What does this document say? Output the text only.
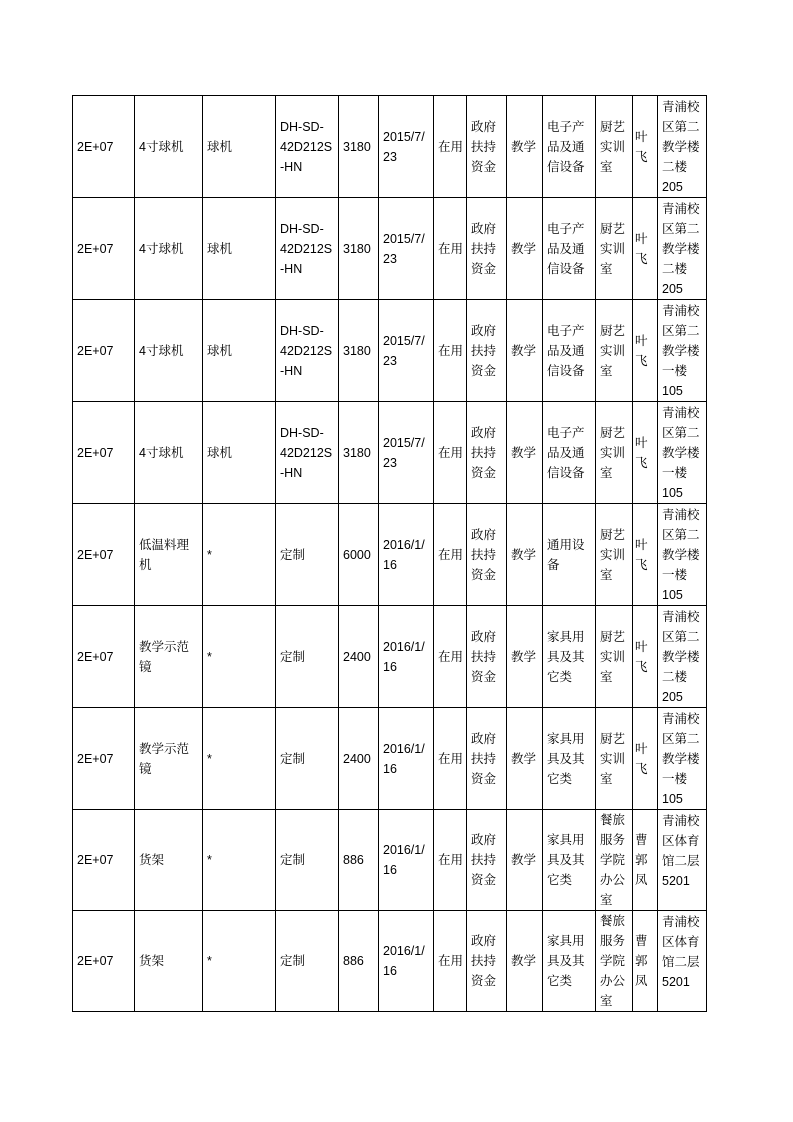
2E+07	4寸球机	球机	DH-SD-
42D212S
-HN	3180	2015/7/
23	在用	政府
扶持
资金	教学	电子产
品及通
信设备	厨艺
实训
室	叶
飞	青浦校
区第二
教学楼
二楼
205
2E+07	4寸球机	球机	DH-SD-
42D212S
-HN	3180	2015/7/
23	在用	政府
扶持
资金	教学	电子产
品及通
信设备	厨艺
实训
室	叶
飞	青浦校
区第二
教学楼
二楼
205
2E+07	4寸球机	球机	DH-SD-
42D212S
-HN	3180	2015/7/
23	在用	政府
扶持
资金	教学	电子产
品及通
信设备	厨艺
实训
室	叶
飞	青浦校
区第二
教学楼
一楼
105
2E+07	4寸球机	球机	DH-SD-
42D212S
-HN	3180	2015/7/
23	在用	政府
扶持
资金	教学	电子产
品及通
信设备	厨艺
实训
室	叶
飞	青浦校
区第二
教学楼
一楼
105
2E+07	低温料理
机	*	定制	6000	2016/1/
16	在用	政府
扶持
资金	教学	通用设
备	厨艺
实训
室	叶
飞	青浦校
区第二
教学楼
一楼
105
2E+07	教学示范
镜	*	定制	2400	2016/1/
16	在用	政府
扶持
资金	教学	家具用
具及其
它类	厨艺
实训
室	叶
飞	青浦校
区第二
教学楼
二楼
205
2E+07	教学示范
镜	*	定制	2400	2016/1/
16	在用	政府
扶持
资金	教学	家具用
具及其
它类	厨艺
实训
室	叶
飞	青浦校
区第二
教学楼
一楼
105
2E+07	货架	*	定制	886	2016/1/
16	在用	政府
扶持
资金	教学	家具用
具及其
它类	餐旅
服务
学院
办公
室	曹
郭
凤	青浦校
区体育
馆二层
5201
2E+07	货架	*	定制	886	2016/1/
16	在用	政府
扶持
资金	教学	家具用
具及其
它类	餐旅
服务
学院
办公
室	曹
郭
凤	青浦校
区体育
馆二层
5201
